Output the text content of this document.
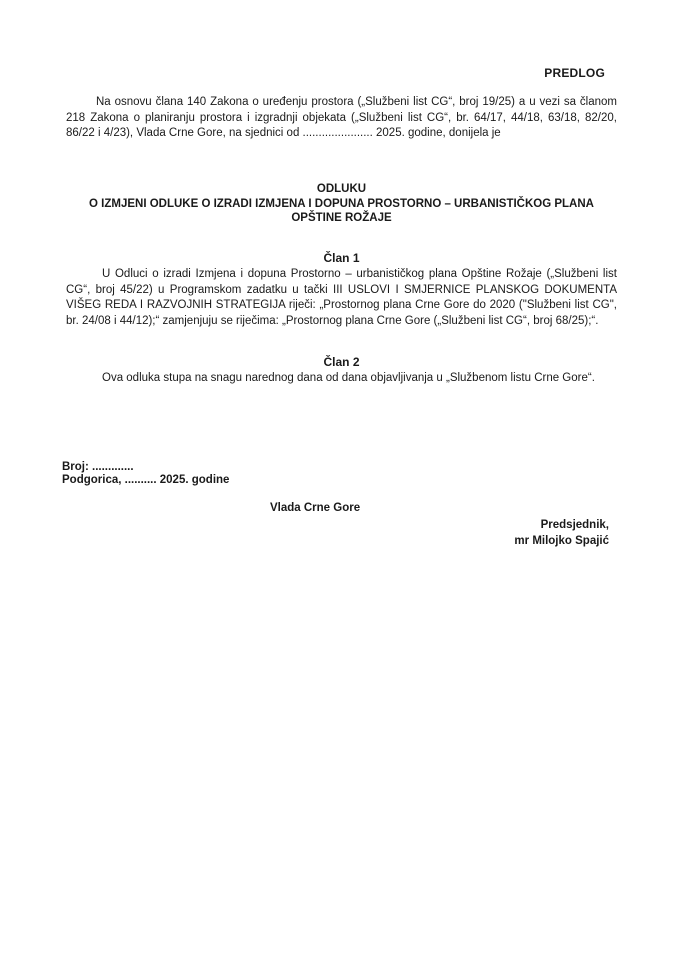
PREDLOG
Na osnovu člana 140 Zakona o uređenju prostora („Službeni list CG“, broj 19/25) a u vezi sa članom 218 Zakona o planiranju prostora i izgradnji objekata („Službeni list CG“, br. 64/17, 44/18, 63/18, 82/20, 86/22 i 4/23), Vlada Crne Gore, na sjednici od ...................... 2025. godine, donijela je
ODLUKU
O IZMJENI ODLUKE O IZRADI IZMJENA I DOPUNA PROSTORNO – URBANISTIČKOG PLANA OPŠTINE ROŽAJE
Član 1
U Odluci o izradi Izmjena i dopuna Prostorno – urbanističkog plana Opštine Rožaje („Službeni list CG“, broj 45/22) u Programskom zadatku u tački III USLOVI I SMJERNICE PLANSKOG DOKUMENTA VIŠEG REDA I RAZVOJNIH STRATEGIJA riječi: „Prostornog plana Crne Gore do 2020 ("Službeni list CG", br. 24/08 i 44/12);“ zamjenjuju se riječima: „Prostornog plana Crne Gore („Službeni list CG“, broj 68/25);“.
Član 2
Ova odluka stupa na snagu narednog dana od dana objavljivanja u „Službenom listu Crne Gore“.
Broj: .............
Podgorica, .......... 2025. godine
Vlada Crne Gore
Predsjednik,
mr Milojko Spajić
